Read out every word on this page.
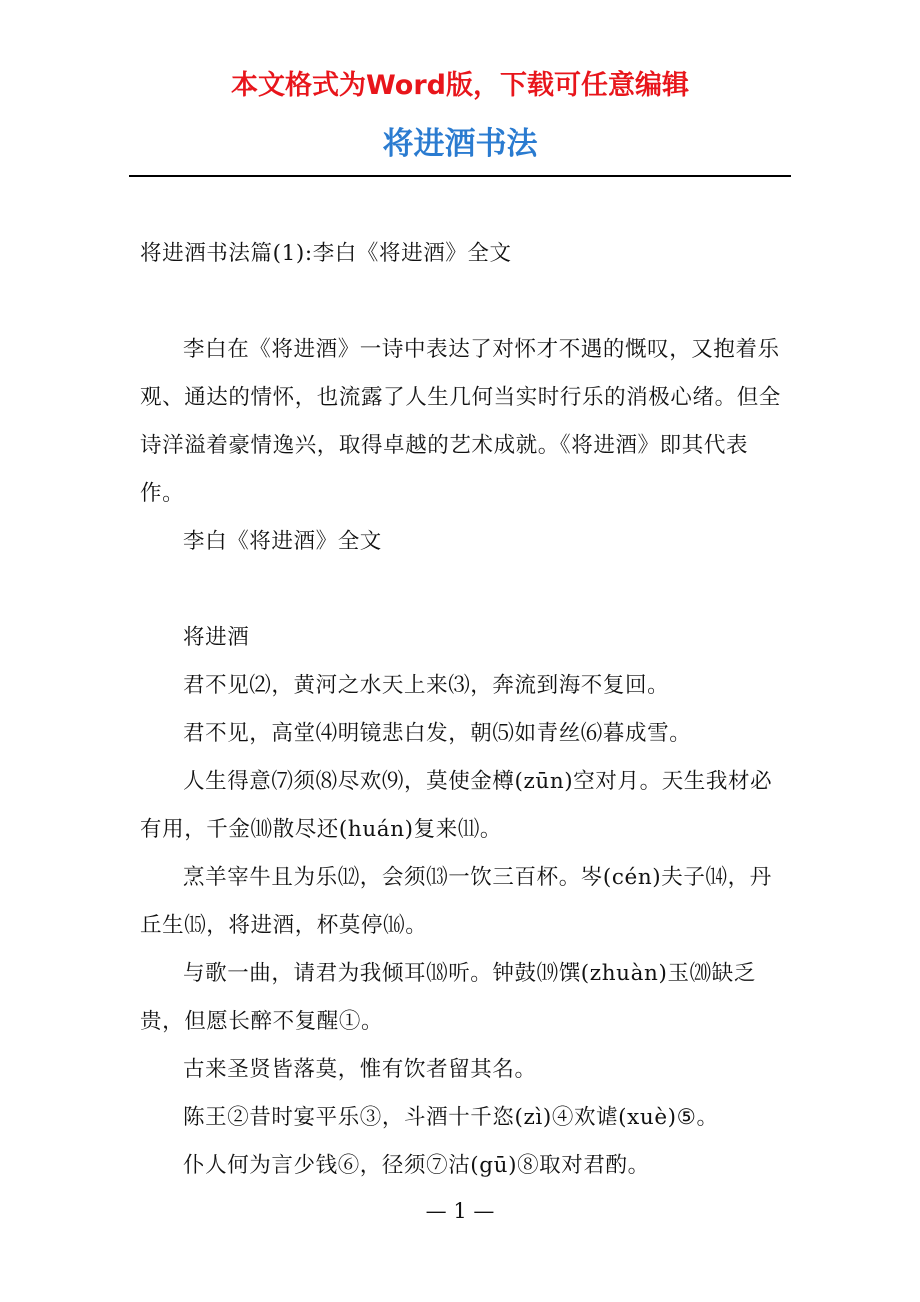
本文格式为Word版，下载可任意编辑
将进酒书法

将进酒书法篇(1):李白《将进酒》全文

李白在《将进酒》一诗中表达了对怀才不遇的慨叹，又抱着乐观、通达的情怀，也流露了人生几何当实时行乐的消极心绪。但全诗洋溢着豪情逸兴，取得卓越的艺术成就。《将进酒》即其代表作。

李白《将进酒》全文

将进酒

君不见⑵，黄河之水天上来⑶，奔流到海不复回。

君不见，高堂⑷明镜悲白发，朝⑸如青丝⑹暮成雪。

人生得意⑺须⑻尽欢⑼，莫使金樽(zūn)空对月。天生我材必有用，千金⑽散尽还(huán)复来⑾。

烹羊宰牛且为乐⑿，会须⒀一饮三百杯。岑(cén)夫子⒁，丹丘生⒂，将进酒，杯莫停⒃。

与歌一曲，请君为我倾耳⒅听。钟鼓⒆馔(zhuàn)玉⒇缺乏贵，但愿长醉不复醒①。

古来圣贤皆落莫，惟有饮者留其名。

陈王②昔时宴平乐③，斗酒十千恣(zì)④欢谑(xuè)⑤。

仆人何为言少钱⑥，径须⑦沽(gū)⑧取对君酌。

— 1 —
